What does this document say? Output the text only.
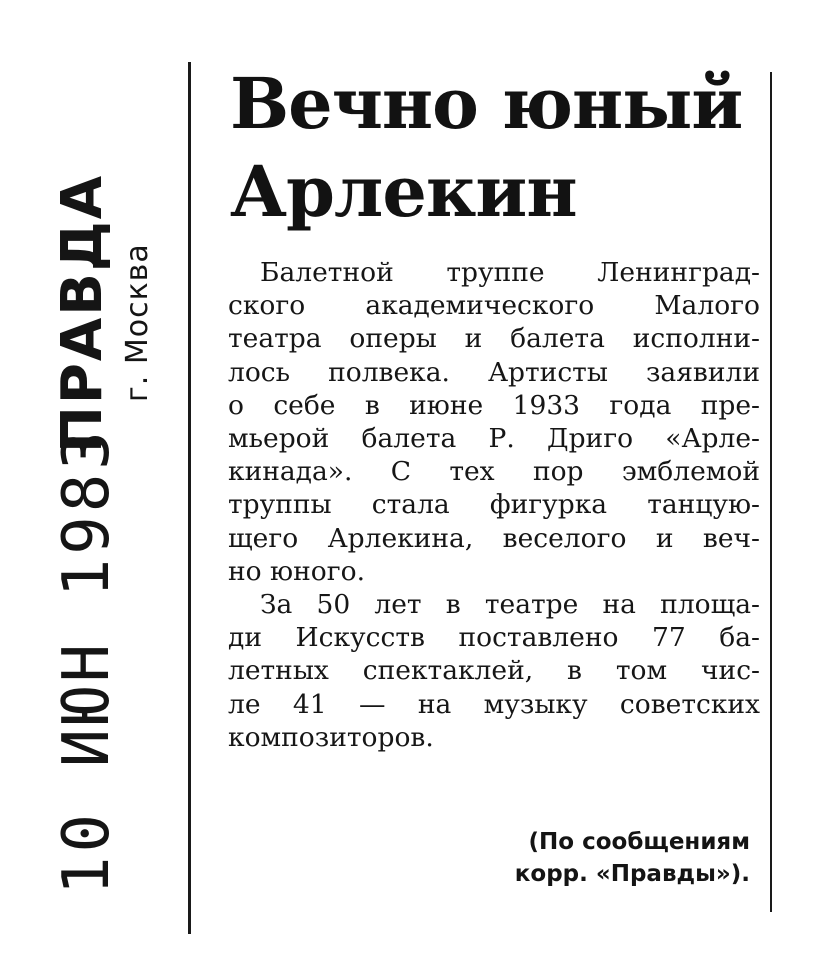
10 ИЮН 1983
ПРАВДА г. Москва
Вечно юный
Арлекин
Балетной труппе Ленинград-
ского академического Малого
театра оперы и балета исполни-
лось полвека. Артисты заявили
о себе в июне 1933 года пре-
мьерой балета Р. Дриго «Арле-
кинада». С тех пор эмблемой
труппы стала фигурка танцую-
щего Арлекина, веселого и веч-
но юного.
За 50 лет в театре на площа-
ди Искусств поставлено 77 ба-
летных спектаклей, в том чис-
ле 41 — на музыку советских
композиторов.
(По сообщениям
корр. «Правды»).
